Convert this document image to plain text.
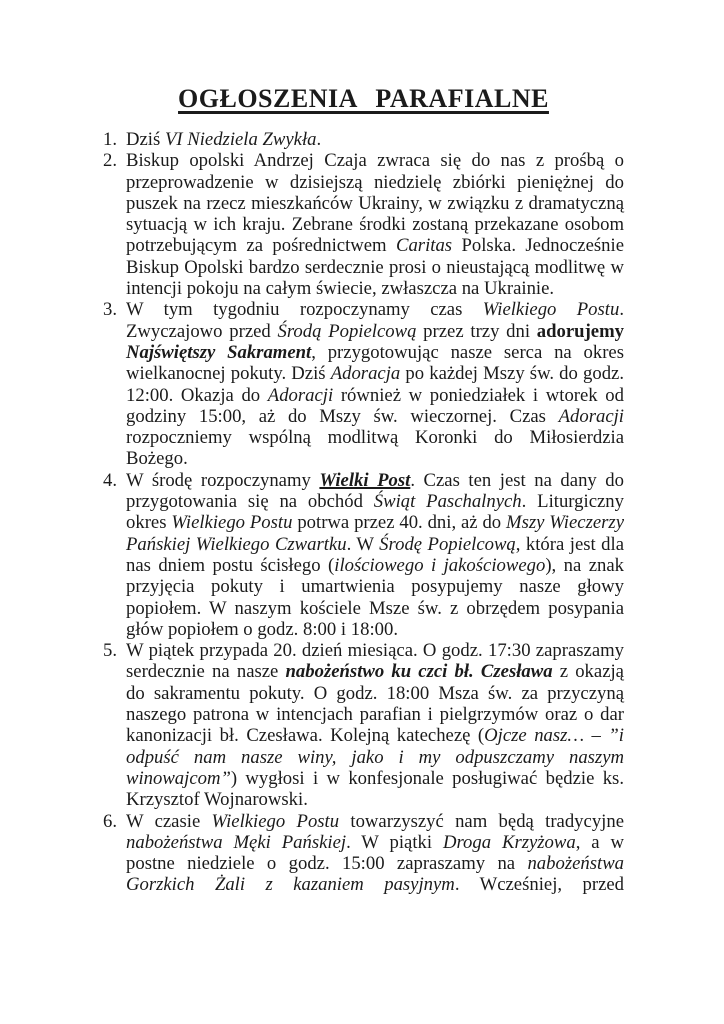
OGŁOSZENIA PARAFIALNE
1. Dziś VI Niedziela Zwykła.

2. Biskup opolski Andrzej Czaja zwraca się do nas z prośbą o przeprowadzenie w dzisiejszą niedzielę zbiórki pieniężnej do puszek na rzecz mieszkańców Ukrainy, w związku z dramatyczną sytuacją w ich kraju. Zebrane środki zostaną przekazane osobom potrzebującym za pośrednictwem Caritas Polska. Jednocześnie Biskup Opolski bardzo serdecznie prosi o nieustającą modlitwę w intencji pokoju na całym świecie, zwłaszcza na Ukrainie.

3. W tym tygodniu rozpoczynamy czas Wielkiego Postu. Zwyczajowo przed Środą Popielcową przez trzy dni adorujemy Najświętszy Sakrament, przygotowując nasze serca na okres wielkanocnej pokuty. Dziś Adoracja po każdej Mszy św. do godz. 12:00. Okazja do Adoracji również w poniedziałek i wtorek od godziny 15:00, aż do Mszy św. wieczornej. Czas Adoracji rozpoczniemy wspólną modlitwą Koronki do Miłosierdzia Bożego.

4. W środę rozpoczynamy Wielki Post. Czas ten jest na dany do przygotowania się na obchód Świąt Paschalnych. Liturgiczny okres Wielkiego Postu potrwa przez 40. dni, aż do Mszy Wieczerzy Pańskiej Wielkiego Czwartku. W Środę Popielcową, która jest dla nas dniem postu ścisłego (ilościowego i jakościowego), na znak przyjęcia pokuty i umartwienia posypujemy nasze głowy popiołem. W naszym kościele Msze św. z obrzędem posypania głów popiołem o godz. 8:00 i 18:00.

5. W piątek przypada 20. dzień miesiąca. O godz. 17:30 zapraszamy serdecznie na nasze nabożeństwo ku czci bł. Czesława z okazją do sakramentu pokuty. O godz. 18:00 Msza św. za przyczyną naszego patrona w intencjach parafian i pielgrzymów oraz o dar kanonizacji bł. Czesława. Kolejną katechezę (Ojcze nasz… – ”i odpuść nam nasze winy, jako i my odpuszczamy naszym winowajcom”) wygłosi i w konfesjonale posługiwać będzie ks. Krzysztof Wojnarowski.

6. W czasie Wielkiego Postu towarzyszyć nam będą tradycyjne nabożeństwa Męki Pańskiej. W piątki Droga Krzyżowa, a w postne niedziele o godz. 15:00 zapraszamy na nabożeństwa Gorzkich Żali z kazaniem pasyjnym. Wcześniej, przed
